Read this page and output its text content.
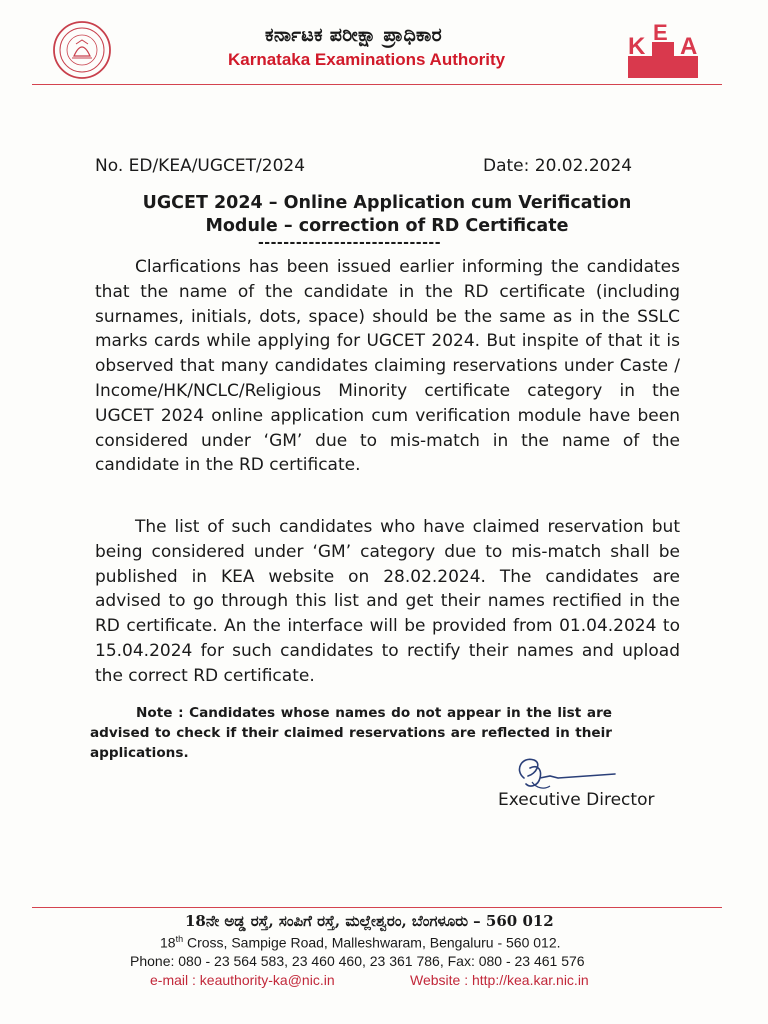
ಕರ್ನಾಟಕ ಪರೀಕ್ಷಾ ಪ್ರಾಧಿಕಾರ
Karnataka Examinations Authority	K
E
A
No. ED/KEA/UGCET/2024	Date: 20.02.2024
UGCET 2024 – Online Application cum Verification
Module – correction of RD Certificate
-----------------------------
Clarfications has been issued earlier informing the candidates that the name of the candidate in the RD certificate (including surnames, initials, dots, space) should be the same as in the SSLC marks cards while applying for UGCET 2024. But inspite of that it is observed that many candidates claiming reservations under Caste / Income/HK/NCLC/Religious Minority certificate category in the UGCET 2024 online application cum verification module have been considered under ‘GM’ due to mis-match in the name of the candidate in the RD certificate.
The list of such candidates who have claimed reservation but being considered under ‘GM’ category due to mis-match shall be published in KEA website on 28.02.2024. The candidates are advised to go through this list and get their names rectified in the RD certificate. An the interface will be provided from 01.04.2024 to 15.04.2024 for such candidates to rectify their names and upload the correct RD certificate.
Note : Candidates whose names do not appear in the list are advised to check if their claimed reservations are reflected in their applications.
Executive Director
18ನೇ ಅಡ್ಡ ರಸ್ತೆ, ಸಂಪಿಗೆ ರಸ್ತೆ, ಮಲ್ಲೇಶ್ವರಂ, ಬೆಂಗಳೂರು – 560 012
18th Cross, Sampige Road, Malleshwaram, Bengaluru - 560 012.
Phone: 080 - 23 564 583, 23 460 460, 23 361 786, Fax: 080 - 23 461 576
e-mail : keauthority-ka@nic.in	Website : http://kea.kar.nic.in
